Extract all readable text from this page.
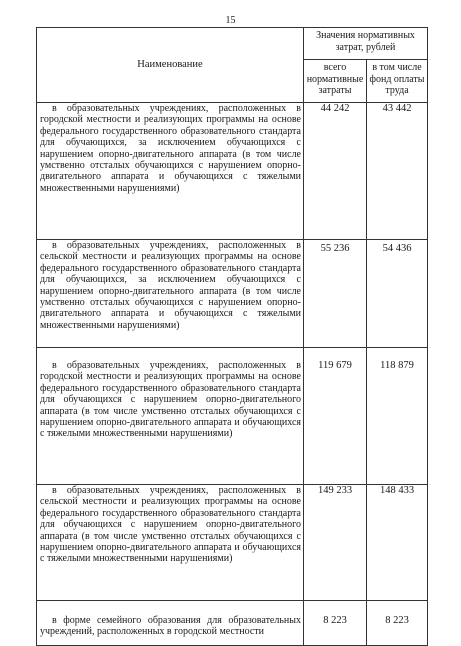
15
Наименование	Значения нормативных затрат, рублей	
	всего нормативные затраты	в том числе фонд оплаты труда
в образовательных учреждениях, расположенных в городской местности и реализующих программы на основе федерального государственного образовательного стандарта для обучающихся, за исключением обучающихся с нарушением опорно-двигательного аппарата (в том числе умственно отсталых обучающихся с нарушением опорно-двигательного аппарата и обучающихся с тяжелыми множественными нарушениями)	44 242	43 442
в образовательных учреждениях, расположенных в сельской местности и реализующих программы на основе федерального государственного образовательного стандарта для обучающихся, за исключением обучающихся с нарушением опорно-двигательного аппарата (в том числе умственно отсталых обучающихся с нарушением опорно-двигательного аппарата и обучающихся с тяжелыми множественными нарушениями)	55 236	54 436
в образовательных учреждениях, расположенных в городской местности и реализующих программы на основе федерального государственного образовательного стандарта для обучающихся с нарушением опорно-двигательного аппарата (в том числе умственно отсталых обучающихся с нарушением опорно-двигательного аппарата и обучающихся с тяжелыми множественными нарушениями)	119 679	118 879
в образовательных учреждениях, расположенных в сельской местности и реализующих программы на основе федерального государственного образовательного стандарта для обучающихся с нарушением опорно-двигательного аппарата (в том числе умственно отсталых обучающихся с нарушением опорно-двигательного аппарата и обучающихся с тяжелыми множественными нарушениями)	149 233	148 433
в форме семейного образования для образовательных учреждений, расположенных в городской местности	8 223	8 223
